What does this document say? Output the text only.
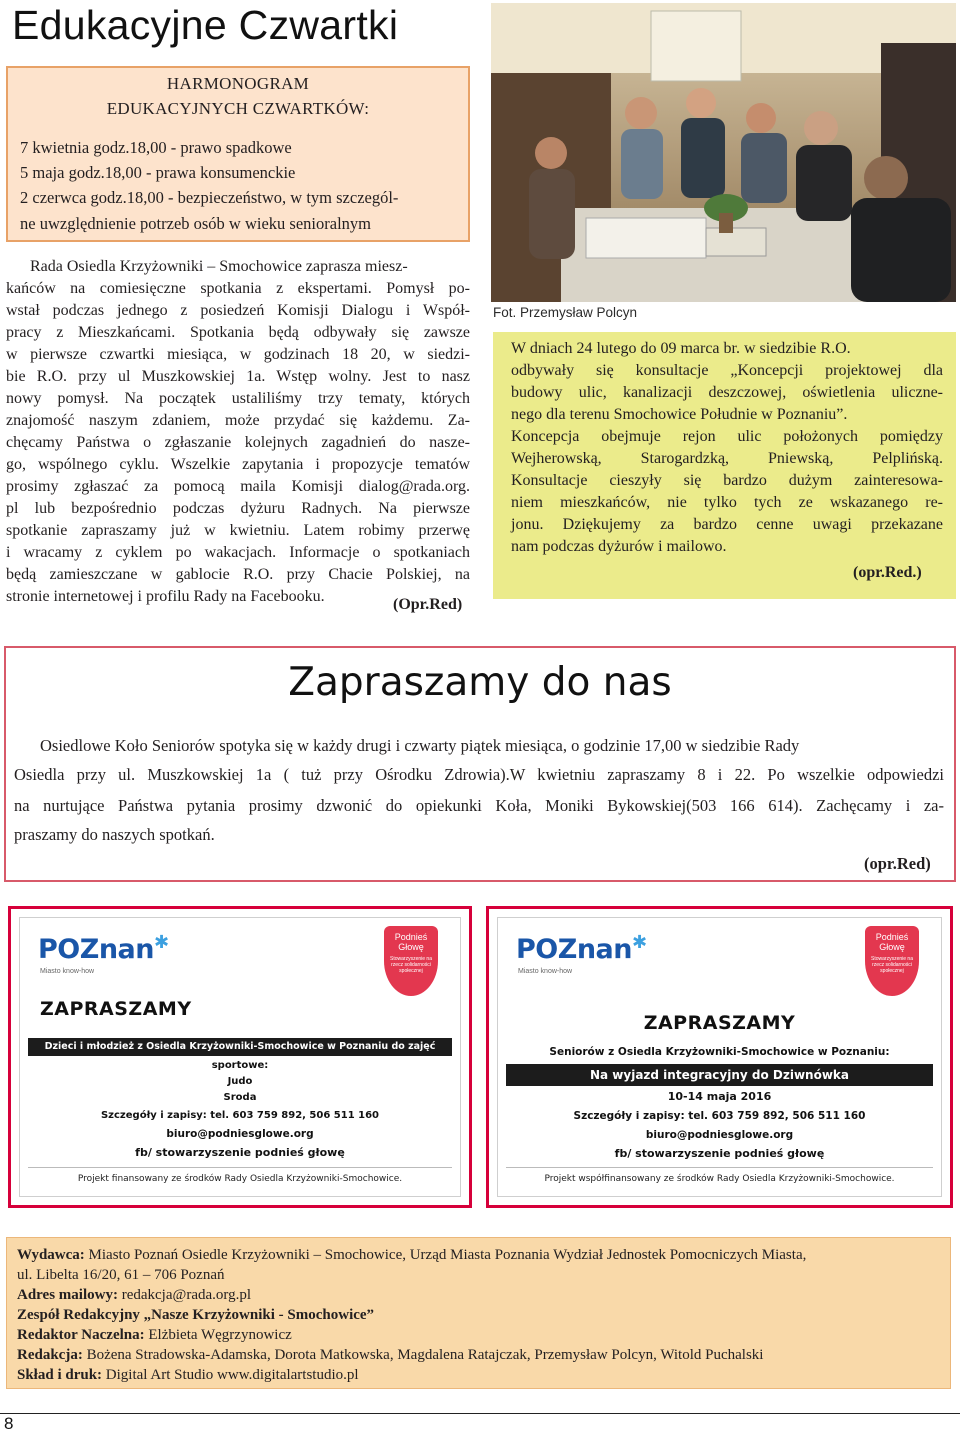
Edukacyjne Czwartki
HARMONOGRAM
EDUKACYJNYCH CZWARTKÓW:
7 kwietnia godz.18,00 - prawo spadkowe
5 maja godz.18,00 - prawa konsumenckie
2 czerwca godz.18,00 - bezpieczeństwo, w tym szczegól-
ne uwzględnienie potrzeb osób w wieku senioralnym
Rada Osiedla Krzyżowniki – Smochowice zaprasza miesz-
kańców na comiesięczne spotkania z ekspertami. Pomysł po-
wstał podczas jednego z posiedzeń Komisji Dialogu i Współ-
pracy z Mieszkańcami. Spotkania będą odbywały się zawsze
w pierwsze czwartki miesiąca, w godzinach 18 20, w siedzi-
bie R.O. przy ul Muszkowskiej 1a. Wstęp wolny. Jest to nasz
nowy pomysł. Na początek ustaliliśmy trzy tematy, których
znajomość naszym zdaniem, może przydać się każdemu. Za-
chęcamy Państwa o zgłaszanie kolejnych zagadnień do nasze-
go, wspólnego cyklu. Wszelkie zapytania i propozycje tematów
prosimy zgłaszać za pomocą maila Komisji dialog@rada.org.
pl lub bezpośrednio podczas dyżuru Radnych. Na pierwsze
spotkanie zapraszamy już w kwietniu. Latem robimy przerwę
i wracamy z cyklem po wakacjach. Informacje o spotkaniach
będą zamieszczane w gablocie R.O. przy Chacie Polskiej, na
stronie internetowej i profilu Rady na Facebooku.	(Opr.Red)
Fot. Przemysław Polcyn
W dniach 24 lutego do 09 marca br. w siedzibie R.O.
odbywały się konsultacje „Koncepcji projektowej dla
budowy ulic, kanalizacji deszczowej, oświetlenia uliczne-
nego dla terenu Smochowice Południe w Poznaniu”.
Koncepcja obejmuje rejon ulic położonych pomiędzy
Wejherowską, Starogardzką, Pniewską, Pelplińską.
Konsultacje cieszyły się bardzo dużym zainteresowa-
niem mieszkańców, nie tylko tych ze wskazanego re-
jonu. Dziękujemy za bardzo cenne uwagi przekazane
nam podczas dyżurów i mailowo.
(opr.Red.)
Zapraszamy do nas
Osiedlowe Koło Seniorów spotyka się w każdy drugi i czwarty piątek miesiąca, o godzinie 17,00 w siedzibie Rady
Osiedla przy ul. Muszkowskiej 1a ( tuż przy Ośrodku Zdrowia).W kwietniu zapraszamy 8 i 22. Po wszelkie odpowiedzi
na nurtujące Państwa pytania prosimy dzwonić do opiekunki Koła, Moniki Bykowskiej(503 166 614). Zachęcamy i za-
praszamy do naszych spotkań.
(opr.Red)
POZnan✱
Miasto know-how
Podnieś Głowę
Stowarzyszenie na rzecz solidarności społecznej
ZAPRASZAMY
Dzieci i młodzież z Osiedla Krzyżowniki-Smochowice w Poznaniu do zajęć
sportowe:
Judo
Sroda
Szczegóły i zapisy: tel. 603 759 892, 506 511 160
biuro@podniesglowe.org
fb/ stowarzyszenie podnieś głowę
Projekt finansowany ze środków Rady Osiedla Krzyżowniki-Smochowice.
POZnan✱
Miasto know-how
Podnieś Głowę
Stowarzyszenie na rzecz solidarności społecznej
ZAPRASZAMY
Seniorów z Osiedla Krzyżowniki-Smochowice w Poznaniu:
Na wyjazd integracyjny do Dziwnówka
10-14 maja 2016
Szczegóły i zapisy: tel. 603 759 892, 506 511 160
biuro@podniesglowe.org
fb/ stowarzyszenie podnieś głowę
Projekt współfinansowany ze środków Rady Osiedla Krzyżowniki-Smochowice.
Wydawca: Miasto Poznań Osiedle Krzyżowniki – Smochowice, Urząd Miasta Poznania Wydział Jednostek Pomocniczych Miasta,
ul. Libelta 16/20, 61 – 706 Poznań
Adres mailowy: redakcja@rada.org.pl
Zespół Redakcyjny „Nasze Krzyżowniki - Smochowice”
Redaktor Naczelna: Elżbieta Węgrzynowicz
Redakcja: Bożena Stradowska-Adamska, Dorota Matkowska, Magdalena Ratajczak, Przemysław Polcyn, Witold Puchalski
Skład i druk: Digital Art Studio www.digitalartstudio.pl
8
